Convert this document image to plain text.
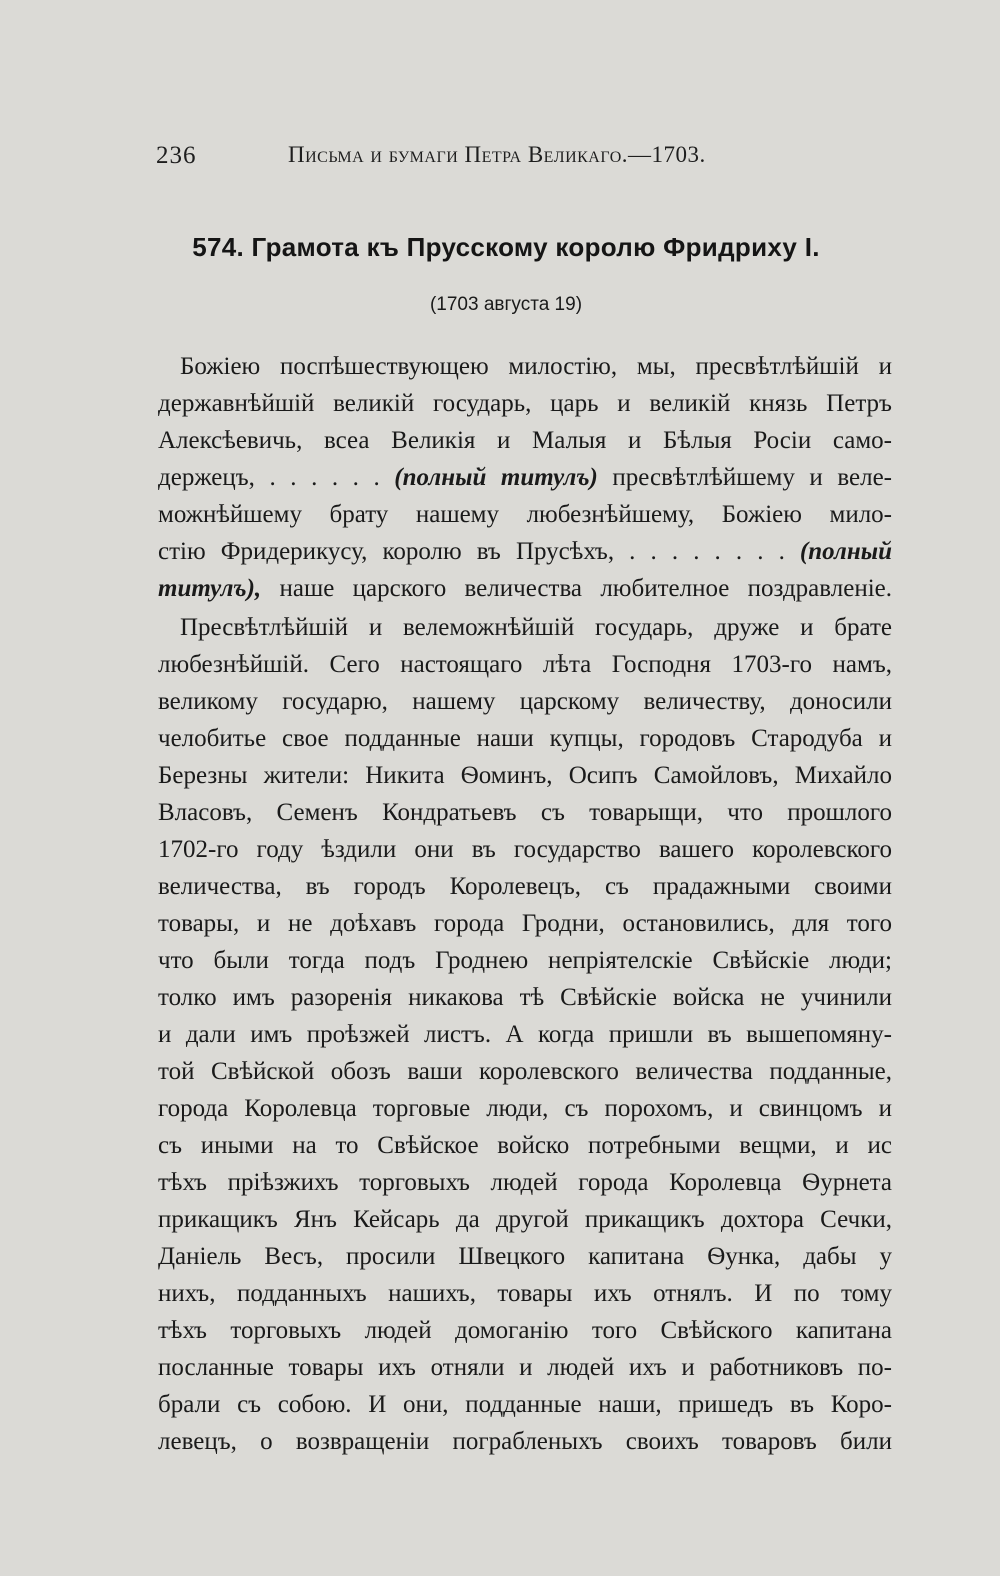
236	Письма и бумаги Петра Великаго.—1703.
574. Грамота къ Прусскому королю Фридриху I.
(1703 августа 19)
Божіею поспѣшествующею милостію, мы, пресвѣтлѣйшій и
державнѣйшій великій государь, царь и великій князь Петръ
Алексѣевичь, всеа Великія и Малыя и Бѣлыя Росіи само-
держецъ, . . . . . . (полный титулъ) пресвѣтлѣйшему и веле-
можнѣйшему брату нашему любезнѣйшему, Божіею мило-
стію Фридерикусу, королю въ Прусѣхъ, . . . . . . . . (полный
титулъ), наше царского величества любителное поздравленіе.
Пресвѣтлѣйшій и велеможнѣйшій государь, друже и брате
любезнѣйшій. Сего настоящаго лѣта Господня 1703-го намъ,
великому государю, нашему царскому величеству, доносили
челобитье свое подданные наши купцы, городовъ Стародуба и
Березны жители: Никита Ѳоминъ, Осипъ Самойловъ, Михайло
Власовъ, Семенъ Кондратьевъ съ товарыщи, что прошлого
1702-го году ѣздили они въ государство вашего королевского
величества, въ городъ Королевецъ, съ прадажными своими
товары, и не доѣхавъ города Гродни, остановились, для того
что были тогда подъ Гроднею непріятелскіе Свѣйскіе люди;
толко имъ разоренія никакова тѣ Свѣйскіе войска не учинили
и дали имъ проѣзжей листъ. А когда пришли въ вышепомяну-
той Свѣйской обозъ ваши королевского величества подданные,
города Королевца торговые люди, съ порохомъ, и свинцомъ и
съ иными на то Свѣйское войско потребными вещми, и ис
тѣхъ пріѣзжихъ торговыхъ людей города Королевца Ѳурнета
прикащикъ Янъ Кейсарь да другой прикащикъ дохтора Сечки,
Даніель Весъ, просили Швецкого капитана Ѳунка, дабы у
нихъ, подданныхъ нашихъ, товары ихъ отнялъ. И по тому
тѣхъ торговыхъ людей домоганію того Свѣйского капитана
посланные товары ихъ отняли и людей ихъ и работниковъ по-
брали съ собою. И они, подданные наши, пришедъ въ Коро-
левецъ, о возвращеніи пограбленыхъ своихъ товаровъ били
